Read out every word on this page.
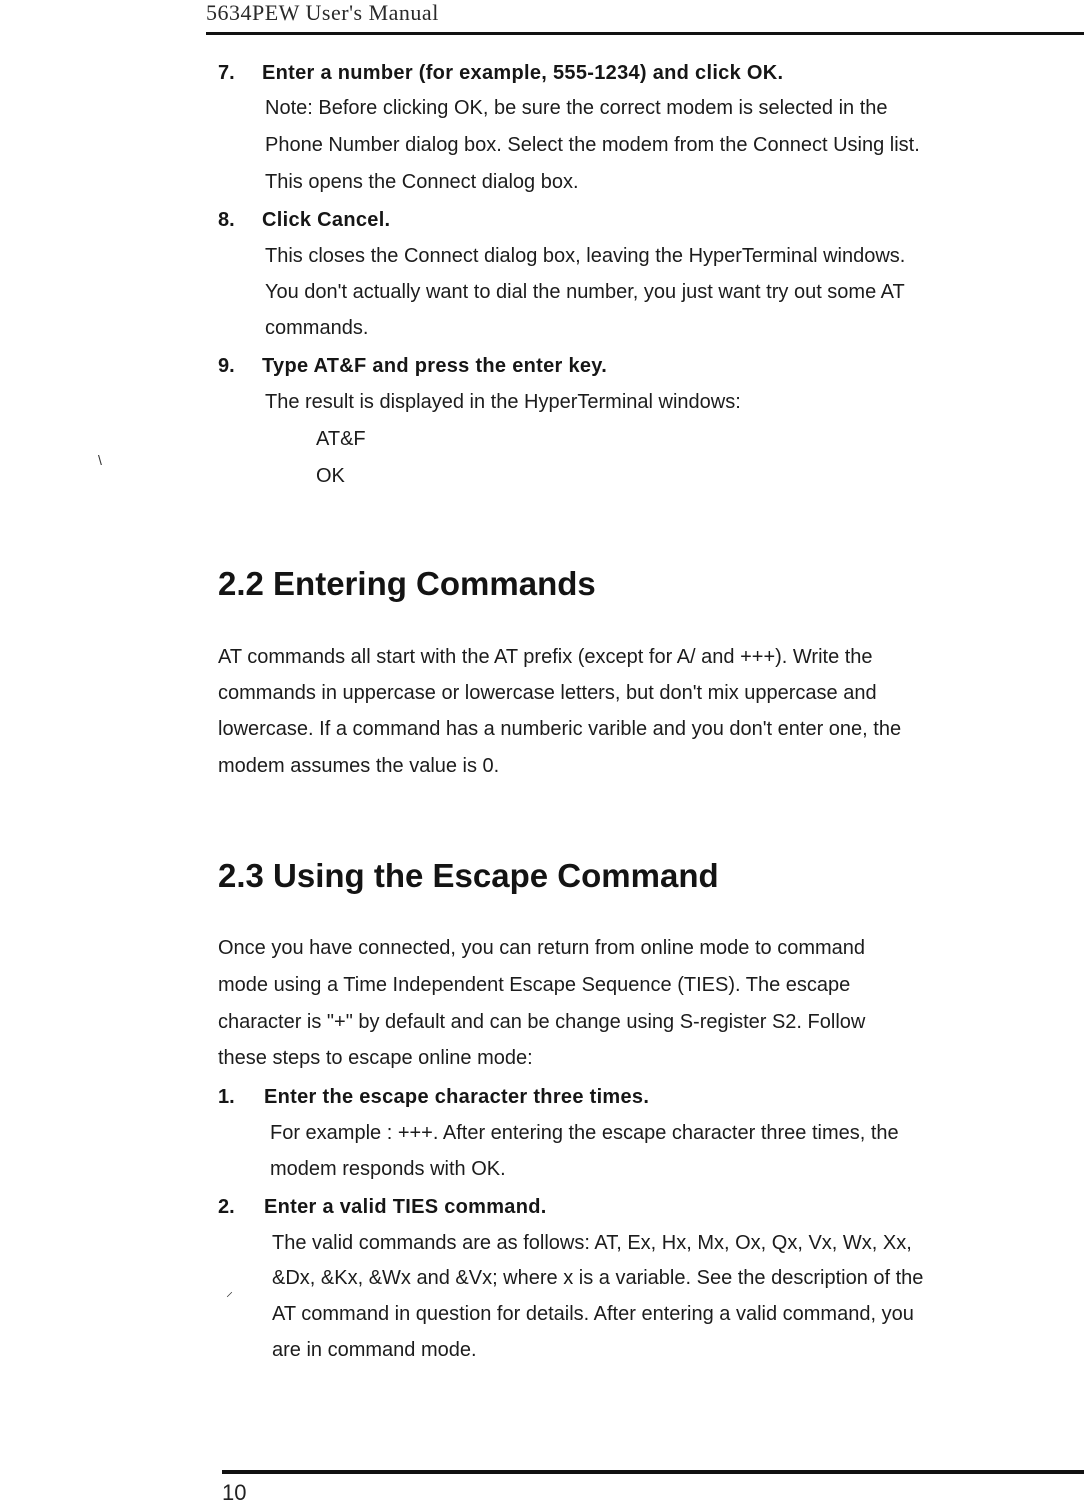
5634PEW User's Manual
7. Enter a number (for example, 555-1234) and click OK.
Note: Before clicking OK, be sure the correct modem is selected in the
Phone Number dialog box. Select the modem from the Connect Using list.
This opens the Connect dialog box.
8. Click Cancel.
This closes the Connect dialog box, leaving the HyperTerminal windows.
You don't actually want to dial the number, you just want try out some AT
commands.
9. Type AT&F and press the enter key.
The result is displayed in the HyperTerminal windows:
AT&F
OK
2.2 Entering Commands
AT commands all start with the AT prefix (except for A/ and +++). Write the
commands in uppercase or lowercase letters, but don't mix uppercase and
lowercase. If a command has a numberic varible and you don't enter one, the
modem assumes the value is 0.
2.3 Using the Escape Command
Once you have connected, you can return from online mode to command
mode using a Time Independent Escape Sequence (TIES). The escape
character is "+" by default and can be change using S-register S2. Follow
these steps to escape online mode:
1. Enter the escape character three times.
For example : +++. After entering the escape character three times, the
modem responds with OK.
2. Enter a valid TIES command.
The valid commands are as follows: AT, Ex, Hx, Mx, Ox, Qx, Vx, Wx, Xx,
&Dx, &Kx, &Wx and &Vx; where x is a variable. See the description of the
AT command in question for details. After entering a valid command, you
are in command mode.
\
⸝
10
